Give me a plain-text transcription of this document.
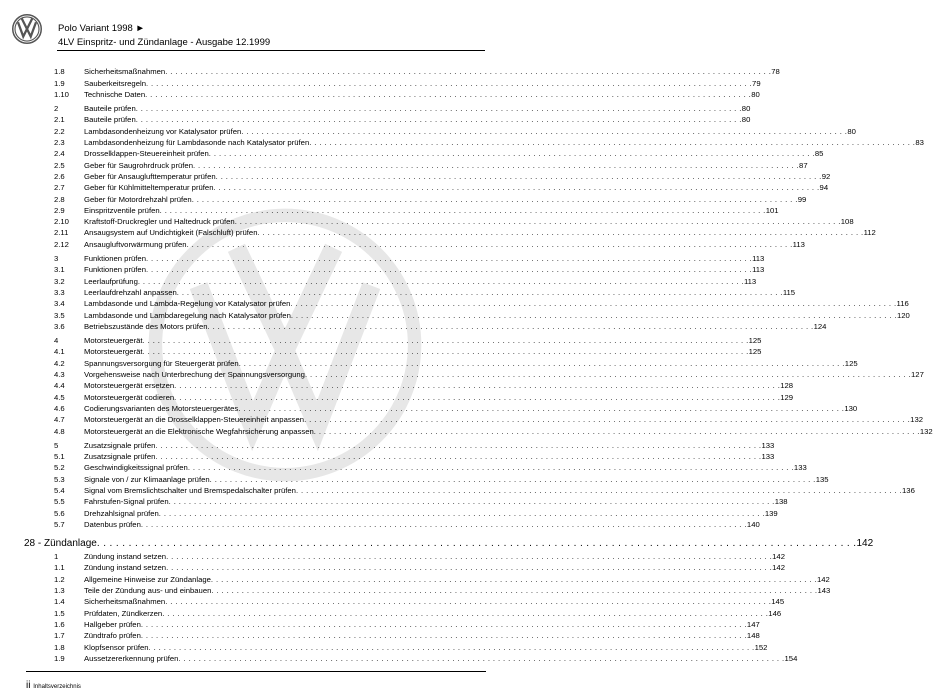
Polo Variant 1998 ►
4LV Einspritz- und Zündanlage - Ausgabe 12.1999
1.8	Sicherheitsmaßnahmen . . . . . . . . . . . . . . . . . . . . . . . . . . . . . . . . . . . . . . . . . . . . . . . . . . . . . . . . . . . . . . . . . . . . . . . . . . . . . . . . . . . . . . . . . . . . . . . . . . . . . . . . . . . . . . . . . . . . . . . . 78
1.9	Sauberkeitsregeln . . . . . . . . . . . . . . . . . . . . . . . . . . . . . . . . . . . . . . . . . . . . . . . . . . . . . . . . . . . . . . . . . . . . . . . . . . . . . . . . . . . . . . . . . . . . . . . . . . . . . . . . . . . . . . . . . . . . . . . . 79
1.10	Technische Daten . . . . . . . . . . . . . . . . . . . . . . . . . . . . . . . . . . . . . . . . . . . . . . . . . . . . . . . . . . . . . . . . . . . . . . . . . . . . . . . . . . . . . . . . . . . . . . . . . . . . . . . . . . . . . . . . . . . . . . . . 80
2	Bauteile prüfen . . . . . . . . . . . . . . . . . . . . . . . . . . . . . . . . . . . . . . . . . . . . . . . . . . . . . . . . . . . . . . . . . . . . . . . . . . . . . . . . . . . . . . . . . . . . . . . . . . . . . . . . . . . . . . . . . . . . . . . . 80
2.1	Bauteile prüfen . . . . . . . . . . . . . . . . . . . . . . . . . . . . . . . . . . . . . . . . . . . . . . . . . . . . . . . . . . . . . . . . . . . . . . . . . . . . . . . . . . . . . . . . . . . . . . . . . . . . . . . . . . . . . . . . . . . . . . . . 80
2.2	Lambdasondenheizung vor Katalysator prüfen . . . . . . . . . . . . . . . . . . . . . . . . . . . . . . . . . . . . . . . . . . . . . . . . . . . . . . . . . . . . . . . . . . . . . . . . . . . . . . . . . . . . . . . . . . . . . . . . . . . . . . . . . . . . . . . . . . . . . . . . 80
2.3	Lambdasondenheizung für Lambdasonde nach Katalysator prüfen . . . . . . . . . . . . . . . . . . . . . . . . . . . . . . . . . . . . . . . . . . . . . . . . . . . . . . . . . . . . . . . . . . . . . . . . . . . . . . . . . . . . . . . . . . . . . . . . . . . . . . . . . . . . . . . . . . . . . . . . 83
2.4	Drosselklappen-Steuereinheit prüfen . . . . . . . . . . . . . . . . . . . . . . . . . . . . . . . . . . . . . . . . . . . . . . . . . . . . . . . . . . . . . . . . . . . . . . . . . . . . . . . . . . . . . . . . . . . . . . . . . . . . . . . . . . . . . . . . . . . . . . . . 85
2.5	Geber für Saugrohrdruck prüfen . . . . . . . . . . . . . . . . . . . . . . . . . . . . . . . . . . . . . . . . . . . . . . . . . . . . . . . . . . . . . . . . . . . . . . . . . . . . . . . . . . . . . . . . . . . . . . . . . . . . . . . . . . . . . . . . . . . . . . . . 87
2.6	Geber für Ansauglufttemperatur prüfen . . . . . . . . . . . . . . . . . . . . . . . . . . . . . . . . . . . . . . . . . . . . . . . . . . . . . . . . . . . . . . . . . . . . . . . . . . . . . . . . . . . . . . . . . . . . . . . . . . . . . . . . . . . . . . . . . . . . . . . . 92
2.7	Geber für Kühlmitteltemperatur prüfen . . . . . . . . . . . . . . . . . . . . . . . . . . . . . . . . . . . . . . . . . . . . . . . . . . . . . . . . . . . . . . . . . . . . . . . . . . . . . . . . . . . . . . . . . . . . . . . . . . . . . . . . . . . . . . . . . . . . . . . . 94
2.8	Geber für Motordrehzahl prüfen . . . . . . . . . . . . . . . . . . . . . . . . . . . . . . . . . . . . . . . . . . . . . . . . . . . . . . . . . . . . . . . . . . . . . . . . . . . . . . . . . . . . . . . . . . . . . . . . . . . . . . . . . . . . . . . . . . . . . . . . 99
2.9	Einspritzventile prüfen . . . . . . . . . . . . . . . . . . . . . . . . . . . . . . . . . . . . . . . . . . . . . . . . . . . . . . . . . . . . . . . . . . . . . . . . . . . . . . . . . . . . . . . . . . . . . . . . . . . . . . . . . . . . . . . . . . . . . . . . 101
2.10	Kraftstoff-Druckregler und Haltedruck prüfen . . . . . . . . . . . . . . . . . . . . . . . . . . . . . . . . . . . . . . . . . . . . . . . . . . . . . . . . . . . . . . . . . . . . . . . . . . . . . . . . . . . . . . . . . . . . . . . . . . . . . . . . . . . . . . . . . . . . . . . . 108
2.11	Ansaugsystem auf Undichtigkeit (Falschluft) prüfen . . . . . . . . . . . . . . . . . . . . . . . . . . . . . . . . . . . . . . . . . . . . . . . . . . . . . . . . . . . . . . . . . . . . . . . . . . . . . . . . . . . . . . . . . . . . . . . . . . . . . . . . . . . . . . . . . . . . . . . . 112
2.12	Ansaugluftvorwärmung prüfen . . . . . . . . . . . . . . . . . . . . . . . . . . . . . . . . . . . . . . . . . . . . . . . . . . . . . . . . . . . . . . . . . . . . . . . . . . . . . . . . . . . . . . . . . . . . . . . . . . . . . . . . . . . . . . . . . . . . . . . . 113
3	Funktionen prüfen . . . . . . . . . . . . . . . . . . . . . . . . . . . . . . . . . . . . . . . . . . . . . . . . . . . . . . . . . . . . . . . . . . . . . . . . . . . . . . . . . . . . . . . . . . . . . . . . . . . . . . . . . . . . . . . . . . . . . . . . 113
3.1	Funktionen prüfen . . . . . . . . . . . . . . . . . . . . . . . . . . . . . . . . . . . . . . . . . . . . . . . . . . . . . . . . . . . . . . . . . . . . . . . . . . . . . . . . . . . . . . . . . . . . . . . . . . . . . . . . . . . . . . . . . . . . . . . . 113
3.2	Leerlaufprüfung . . . . . . . . . . . . . . . . . . . . . . . . . . . . . . . . . . . . . . . . . . . . . . . . . . . . . . . . . . . . . . . . . . . . . . . . . . . . . . . . . . . . . . . . . . . . . . . . . . . . . . . . . . . . . . . . . . . . . . . . 113
3.3	Leerlaufdrehzahl anpassen . . . . . . . . . . . . . . . . . . . . . . . . . . . . . . . . . . . . . . . . . . . . . . . . . . . . . . . . . . . . . . . . . . . . . . . . . . . . . . . . . . . . . . . . . . . . . . . . . . . . . . . . . . . . . . . . . . . . . . . . 115
3.4	Lambdasonde und Lambda-Regelung vor Katalysator prüfen . . . . . . . . . . . . . . . . . . . . . . . . . . . . . . . . . . . . . . . . . . . . . . . . . . . . . . . . . . . . . . . . . . . . . . . . . . . . . . . . . . . . . . . . . . . . . . . . . . . . . . . . . . . . . . . . . . . . . . . . 116
3.5	Lambdasonde und Lambdaregelung nach Katalysator prüfen . . . . . . . . . . . . . . . . . . . . . . . . . . . . . . . . . . . . . . . . . . . . . . . . . . . . . . . . . . . . . . . . . . . . . . . . . . . . . . . . . . . . . . . . . . . . . . . . . . . . . . . . . . . . . . . . . . . . . . . . 120
3.6	Betriebszustände des Motors prüfen . . . . . . . . . . . . . . . . . . . . . . . . . . . . . . . . . . . . . . . . . . . . . . . . . . . . . . . . . . . . . . . . . . . . . . . . . . . . . . . . . . . . . . . . . . . . . . . . . . . . . . . . . . . . . . . . . . . . . . . . 124
4	Motorsteuergerät . . . . . . . . . . . . . . . . . . . . . . . . . . . . . . . . . . . . . . . . . . . . . . . . . . . . . . . . . . . . . . . . . . . . . . . . . . . . . . . . . . . . . . . . . . . . . . . . . . . . . . . . . . . . . . . . . . . . . . . . 125
4.1	Motorsteuergerät . . . . . . . . . . . . . . . . . . . . . . . . . . . . . . . . . . . . . . . . . . . . . . . . . . . . . . . . . . . . . . . . . . . . . . . . . . . . . . . . . . . . . . . . . . . . . . . . . . . . . . . . . . . . . . . . . . . . . . . . 125
4.2	Spannungsversorgung für Steuergerät prüfen . . . . . . . . . . . . . . . . . . . . . . . . . . . . . . . . . . . . . . . . . . . . . . . . . . . . . . . . . . . . . . . . . . . . . . . . . . . . . . . . . . . . . . . . . . . . . . . . . . . . . . . . . . . . . . . . . . . . . . . . 125
4.3	Vorgehensweise nach Unterbrechung der Spannungsversorgung . . . . . . . . . . . . . . . . . . . . . . . . . . . . . . . . . . . . . . . . . . . . . . . . . . . . . . . . . . . . . . . . . . . . . . . . . . . . . . . . . . . . . . . . . . . . . . . . . . . . . . . . . . . . . . . . . . . . . . . . 127
4.4	Motorsteuergerät ersetzen . . . . . . . . . . . . . . . . . . . . . . . . . . . . . . . . . . . . . . . . . . . . . . . . . . . . . . . . . . . . . . . . . . . . . . . . . . . . . . . . . . . . . . . . . . . . . . . . . . . . . . . . . . . . . . . . . . . . . . . . 128
4.5	Motorsteuergerät codieren . . . . . . . . . . . . . . . . . . . . . . . . . . . . . . . . . . . . . . . . . . . . . . . . . . . . . . . . . . . . . . . . . . . . . . . . . . . . . . . . . . . . . . . . . . . . . . . . . . . . . . . . . . . . . . . . . . . . . . . . 129
4.6	Codierungsvarianten des Motorsteuergerätes . . . . . . . . . . . . . . . . . . . . . . . . . . . . . . . . . . . . . . . . . . . . . . . . . . . . . . . . . . . . . . . . . . . . . . . . . . . . . . . . . . . . . . . . . . . . . . . . . . . . . . . . . . . . . . . . . . . . . . . . 130
4.7	Motorsteuergerät an die Drosselklappen-Steuereinheit anpassen . . . . . . . . . . . . . . . . . . . . . . . . . . . . . . . . . . . . . . . . . . . . . . . . . . . . . . . . . . . . . . . . . . . . . . . . . . . . . . . . . . . . . . . . . . . . . . . . . . . . . . . . . . . . . . . . . . . . . . . . 132
4.8	Motorsteuergerät an die Elektronische Wegfahrsicherung anpassen . . . . . . . . . . . . . . . . . . . . . . . . . . . . . . . . . . . . . . . . . . . . . . . . . . . . . . . . . . . . . . . . . . . . . . . . . . . . . . . . . . . . . . . . . . . . . . . . . . . . . . . . . . . . . . . . . . . . . . . . 132
5	Zusatzsignale prüfen . . . . . . . . . . . . . . . . . . . . . . . . . . . . . . . . . . . . . . . . . . . . . . . . . . . . . . . . . . . . . . . . . . . . . . . . . . . . . . . . . . . . . . . . . . . . . . . . . . . . . . . . . . . . . . . . . . . . . . . . 133
5.1	Zusatzsignale prüfen . . . . . . . . . . . . . . . . . . . . . . . . . . . . . . . . . . . . . . . . . . . . . . . . . . . . . . . . . . . . . . . . . . . . . . . . . . . . . . . . . . . . . . . . . . . . . . . . . . . . . . . . . . . . . . . . . . . . . . . . 133
5.2	Geschwindigkeitssignal prüfen . . . . . . . . . . . . . . . . . . . . . . . . . . . . . . . . . . . . . . . . . . . . . . . . . . . . . . . . . . . . . . . . . . . . . . . . . . . . . . . . . . . . . . . . . . . . . . . . . . . . . . . . . . . . . . . . . . . . . . . . 133
5.3	Signale von / zur Klimaanlage prüfen . . . . . . . . . . . . . . . . . . . . . . . . . . . . . . . . . . . . . . . . . . . . . . . . . . . . . . . . . . . . . . . . . . . . . . . . . . . . . . . . . . . . . . . . . . . . . . . . . . . . . . . . . . . . . . . . . . . . . . . . 135
5.4	Signal vom Bremslichtschalter und Bremspedalschalter prüfen . . . . . . . . . . . . . . . . . . . . . . . . . . . . . . . . . . . . . . . . . . . . . . . . . . . . . . . . . . . . . . . . . . . . . . . . . . . . . . . . . . . . . . . . . . . . . . . . . . . . . . . . . . . . . . . . . . . . . . . . 136
5.5	Fahrstufen-Signal prüfen . . . . . . . . . . . . . . . . . . . . . . . . . . . . . . . . . . . . . . . . . . . . . . . . . . . . . . . . . . . . . . . . . . . . . . . . . . . . . . . . . . . . . . . . . . . . . . . . . . . . . . . . . . . . . . . . . . . . . . . . 138
5.6	Drehzahlsignal prüfen . . . . . . . . . . . . . . . . . . . . . . . . . . . . . . . . . . . . . . . . . . . . . . . . . . . . . . . . . . . . . . . . . . . . . . . . . . . . . . . . . . . . . . . . . . . . . . . . . . . . . . . . . . . . . . . . . . . . . . . . 139
5.7	Datenbus prüfen . . . . . . . . . . . . . . . . . . . . . . . . . . . . . . . . . . . . . . . . . . . . . . . . . . . . . . . . . . . . . . . . . . . . . . . . . . . . . . . . . . . . . . . . . . . . . . . . . . . . . . . . . . . . . . . . . . . . . . . . 140
28 - Zündanlage . . . . . . . . . . . . . . . . . . . . . . . . . . . . . . . . . . . . . . . . . . . . . . . . . . . . . . . . . . . . . . . . . . . . . . . . . . . . . . . . . . . . . . . . . . . . . . . . . . . . . . . . . . . . . . . . . . . . . . . . 142
1	Zündung instand setzen . . . . . . . . . . . . . . . . . . . . . . . . . . . . . . . . . . . . . . . . . . . . . . . . . . . . . . . . . . . . . . . . . . . . . . . . . . . . . . . . . . . . . . . . . . . . . . . . . . . . . . . . . . . . . . . . . . . . . . . . 142
1.1	Zündung instand setzen . . . . . . . . . . . . . . . . . . . . . . . . . . . . . . . . . . . . . . . . . . . . . . . . . . . . . . . . . . . . . . . . . . . . . . . . . . . . . . . . . . . . . . . . . . . . . . . . . . . . . . . . . . . . . . . . . . . . . . . . 142
1.2	Allgemeine Hinweise zur Zündanlage . . . . . . . . . . . . . . . . . . . . . . . . . . . . . . . . . . . . . . . . . . . . . . . . . . . . . . . . . . . . . . . . . . . . . . . . . . . . . . . . . . . . . . . . . . . . . . . . . . . . . . . . . . . . . . . . . . . . . . . . 142
1.3	Teile der Zündung aus- und einbauen . . . . . . . . . . . . . . . . . . . . . . . . . . . . . . . . . . . . . . . . . . . . . . . . . . . . . . . . . . . . . . . . . . . . . . . . . . . . . . . . . . . . . . . . . . . . . . . . . . . . . . . . . . . . . . . . . . . . . . . . 143
1.4	Sicherheitsmaßnahmen . . . . . . . . . . . . . . . . . . . . . . . . . . . . . . . . . . . . . . . . . . . . . . . . . . . . . . . . . . . . . . . . . . . . . . . . . . . . . . . . . . . . . . . . . . . . . . . . . . . . . . . . . . . . . . . . . . . . . . . . 145
1.5	Prüfdaten, Zündkerzen . . . . . . . . . . . . . . . . . . . . . . . . . . . . . . . . . . . . . . . . . . . . . . . . . . . . . . . . . . . . . . . . . . . . . . . . . . . . . . . . . . . . . . . . . . . . . . . . . . . . . . . . . . . . . . . . . . . . . . . . 146
1.6	Hallgeber prüfen . . . . . . . . . . . . . . . . . . . . . . . . . . . . . . . . . . . . . . . . . . . . . . . . . . . . . . . . . . . . . . . . . . . . . . . . . . . . . . . . . . . . . . . . . . . . . . . . . . . . . . . . . . . . . . . . . . . . . . . . 147
1.7	Zündtrafo prüfen . . . . . . . . . . . . . . . . . . . . . . . . . . . . . . . . . . . . . . . . . . . . . . . . . . . . . . . . . . . . . . . . . . . . . . . . . . . . . . . . . . . . . . . . . . . . . . . . . . . . . . . . . . . . . . . . . . . . . . . . 148
1.8	Klopfsensor prüfen . . . . . . . . . . . . . . . . . . . . . . . . . . . . . . . . . . . . . . . . . . . . . . . . . . . . . . . . . . . . . . . . . . . . . . . . . . . . . . . . . . . . . . . . . . . . . . . . . . . . . . . . . . . . . . . . . . . . . . . . 152
1.9	Aussetzererkennung prüfen . . . . . . . . . . . . . . . . . . . . . . . . . . . . . . . . . . . . . . . . . . . . . . . . . . . . . . . . . . . . . . . . . . . . . . . . . . . . . . . . . . . . . . . . . . . . . . . . . . . . . . . . . . . . . . . . . . . . . . . . 154
ii Inhaltsverzeichnis
